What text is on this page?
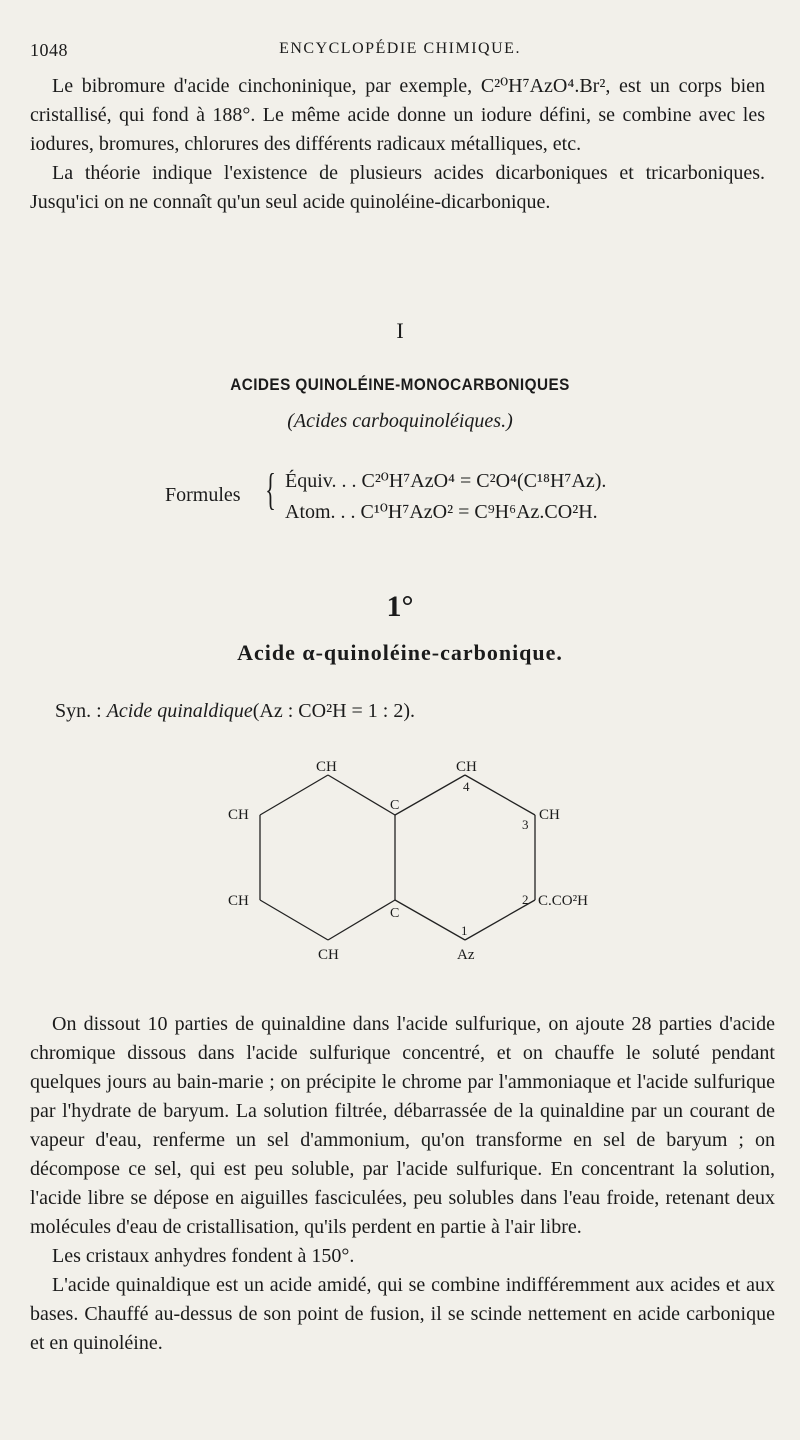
1048	ENCYCLOPÉDIE CHIMIQUE.

Le bibromure d'acide cinchoninique, par exemple, C²⁰H⁷AzO⁴.Br², est un corps bien cristallisé, qui fond à 188°. Le même acide donne un iodure défini, se combine avec les iodures, bromures, chlorures des différents radicaux métalliques, etc.

La théorie indique l'existence de plusieurs acides dicarboniques et tricarboniques. Jusqu'ici on ne connaît qu'un seul acide quinoléine-dicarbonique.

I
ACIDES QUINOLÉINE-MONOCARBONIQUES
(Acides carboquinoléiques.)
Formules { Équiv. . . C²⁰H⁷AzO⁴ = C²O⁴(C¹⁸H⁷Az).
Atom. . . C¹⁰H⁷AzO² = C⁹H⁶Az.CO²H.
1°
Acide α-quinoléine-carbonique.
Syn. : Acide quinaldique(Az : CO²H = 1 : 2).
CH	CH
4
CH
C
3
CH
CH	2 C.CO²H
C
1
CH	Az

On dissout 10 parties de quinaldine dans l'acide sulfurique, on ajoute 28 parties d'acide chromique dissous dans l'acide sulfurique concentré, et on chauffe le soluté pendant quelques jours au bain-marie ; on précipite le chrome par l'ammoniaque et l'acide sulfurique par l'hydrate de baryum. La solution filtrée, débarrassée de la quinaldine par un courant de vapeur d'eau, renferme un sel d'ammonium, qu'on transforme en sel de baryum ; on décompose ce sel, qui est peu soluble, par l'acide sulfurique. En concentrant la solution, l'acide libre se dépose en aiguilles fasciculées, peu solubles dans l'eau froide, retenant deux molécules d'eau de cristallisation, qu'ils perdent en partie à l'air libre.

Les cristaux anhydres fondent à 150°.

L'acide quinaldique est un acide amidé, qui se combine indifféremment aux acides et aux bases. Chauffé au-dessus de son point de fusion, il se scinde nettement en acide carbonique et en quinoléine.
